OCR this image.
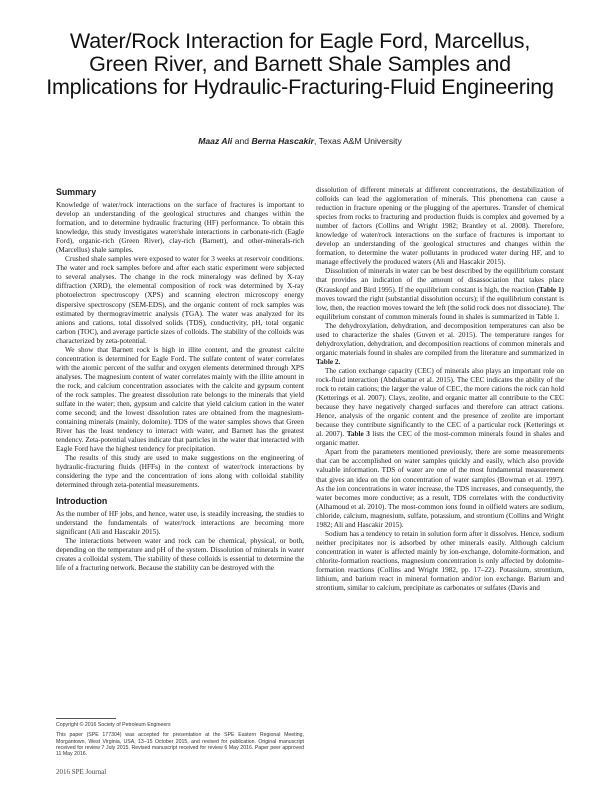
Water/Rock Interaction for Eagle Ford, Marcellus, Green River, and Barnett Shale Samples and Implications for Hydraulic-Fracturing-Fluid Engineering
Maaz Ali and Berna Hascakir, Texas A&M University
Summary

Knowledge of water/rock interactions on the surface of fractures is important to develop an understanding of the geological structures and changes within the formation, and to determine hydraulic fracturing (HF) performance. To obtain this knowledge, this study investigates water/shale interactions in carbonate-rich (Eagle Ford), organic-rich (Green River), clay-rich (Barnett), and other-minerals-rich (Marcellus) shale samples.

Crushed shale samples were exposed to water for 3 weeks at reservoir conditions. The water and rock samples before and after each static experiment were subjected to several analyses. The change in the rock mineralogy was defined by X-ray diffraction (XRD), the elemental composition of rock was determined by X-ray photoelectron spectroscopy (XPS) and scanning electron microscopy energy dispersive spectroscopy (SEM-EDS), and the organic content of rock samples was estimated by thermogravimetric analysis (TGA). The water was analyzed for its anions and cations, total dissolved solids (TDS), conductivity, pH, total organic carbon (TOC), and average particle sizes of colloids. The stability of the colloids was characterized by zeta-potential.

We show that Barnett rock is high in illite content, and the greatest calcite concentration is determined for Eagle Ford. The sulfate content of water correlates with the atomic percent of the sulfur and oxygen elements determined through XPS analyses. The magnesium content of water correlates mainly with the illite amount in the rock, and calcium concentration associates with the calcite and gypsum content of the rock samples. The greatest dissolution rate belongs to the minerals that yield sulfate in the water; then, gypsum and calcite that yield calcium cation in the water come second; and the lowest dissolution rates are obtained from the magnesium-containing minerals (mainly, dolomite). TDS of the water samples shows that Green River has the least tendency to interact with water, and Barnett has the greatest tendency. Zeta-potential values indicate that particles in the water that interacted with Eagle Ford have the highest tendency for precipitation.

The results of this study are used to make suggestions on the engineering of hydraulic-fracturing fluids (HFFs) in the context of water/rock interactions by considering the type and the concentration of ions along with colloidal stability determined through zeta-potential measurements.

Introduction

As the number of HF jobs, and hence, water use, is steadily increasing, the studies to understand the fundamentals of water/rock interactions are becoming more significant (Ali and Hascakir 2015).

The interactions between water and rock can be chemical, physical, or both, depending on the temperature and pH of the system. Dissolution of minerals in water creates a colloidal system. The stability of these colloids is essential to determine the life of a fracturing network. Because the stability can be destroyed with the

Copyright © 2016 Society of Petroleum Engineers

This paper (SPE 177304) was accepted for presentation at the SPE Eastern Regional Meeting, Morgantown, West Virginia, USA, 13–15 October 2015, and revised for publication. Original manuscript received for review 7 July 2015. Revised manuscript received for review 6 May 2016. Paper peer approved 11 May 2016.

dissolution of different minerals at different concentrations, the destabilization of colloids can lead the agglomeration of minerals. This phenomena can cause a reduction in fracture opening or the plugging of the apertures. Transfer of chemical species from rocks to fracturing and production fluids is complex and governed by a number of factors (Collins and Wright 1982; Brantley et al. 2008). Therefore, knowledge of water/rock interactions on the surface of fractures is important to develop an understanding of the geological structures and changes within the formation, to determine the water pollutants in produced water during HF, and to manage effectively the produced waters (Ali and Hascakir 2015).

Dissolution of minerals in water can be best described by the equilibrium constant that provides an indication of the amount of disassociation that takes place (Krauskopf and Bird 1995). If the equilibrium constant is high, the reaction (Table 1) moves toward the right (substantial dissolution occurs); if the equilibrium constant is low, then, the reaction moves toward the left (the solid rock does not dissociate). The equilibrium constant of common minerals found in shales is summarized in Table 1.

The dehydroxylation, dehydration, and decomposition temperatures can also be used to characterize the shales (Guven et al. 2015). The temperature ranges for dehydroxylation, dehydration, and decomposition reactions of common minerals and organic materials found in shales are compiled from the literature and summarized in Table 2.

The cation exchange capacity (CEC) of minerals also plays an important role on rock-fluid interaction (Abdulsattar et al. 2015). The CEC indicates the ability of the rock to retain cations; the larger the value of CEC, the more cations the rock can hold (Ketterings et al. 2007). Clays, zeolite, and organic matter all contribute to the CEC because they have negatively charged surfaces and therefore can attract cations. Hence, analysis of the organic content and the presence of zeolite are important because they contribute significantly to the CEC of a particular rock (Ketterings et al. 2007). Table 3 lists the CEC of the most-common minerals found in shales and organic matter.

Apart from the parameters mentioned previously, there are some measurements that can be accomplished on water samples quickly and easily, which also provide valuable information. TDS of water are one of the most fundamental measurement that gives an idea on the ion concentration of water samples (Bowman et al. 1997). As the ion concentrations in water increase, the TDS increases, and consequently, the water becomes more conductive; as a result, TDS correlates with the conductivity (Alhamoud et al. 2010). The most-common ions found in oilfield waters are sodium, chloride, calcium, magnesium, sulfate, potassium, and strontium (Collins and Wright 1982; Ali and Hascakir 2015).

Sodium has a tendency to retain in solution form after it dissolves. Hence, sodium neither precipitates nor is adsorbed by other minerals easily. Although calcium concentration in water is affected mainly by ion-exchange, dolomite-formation, and chlorite-formation reactions, magnesium concentration is only affected by dolomite-formation reactions (Collins and Wright 1982, pp. 17–22). Potassium, strontium, lithium, and barium react in mineral formation and/or ion exchange. Barium and strontium, similar to calcium, precipitate as carbonates or sulfates (Davis and

2016 SPE Journal
